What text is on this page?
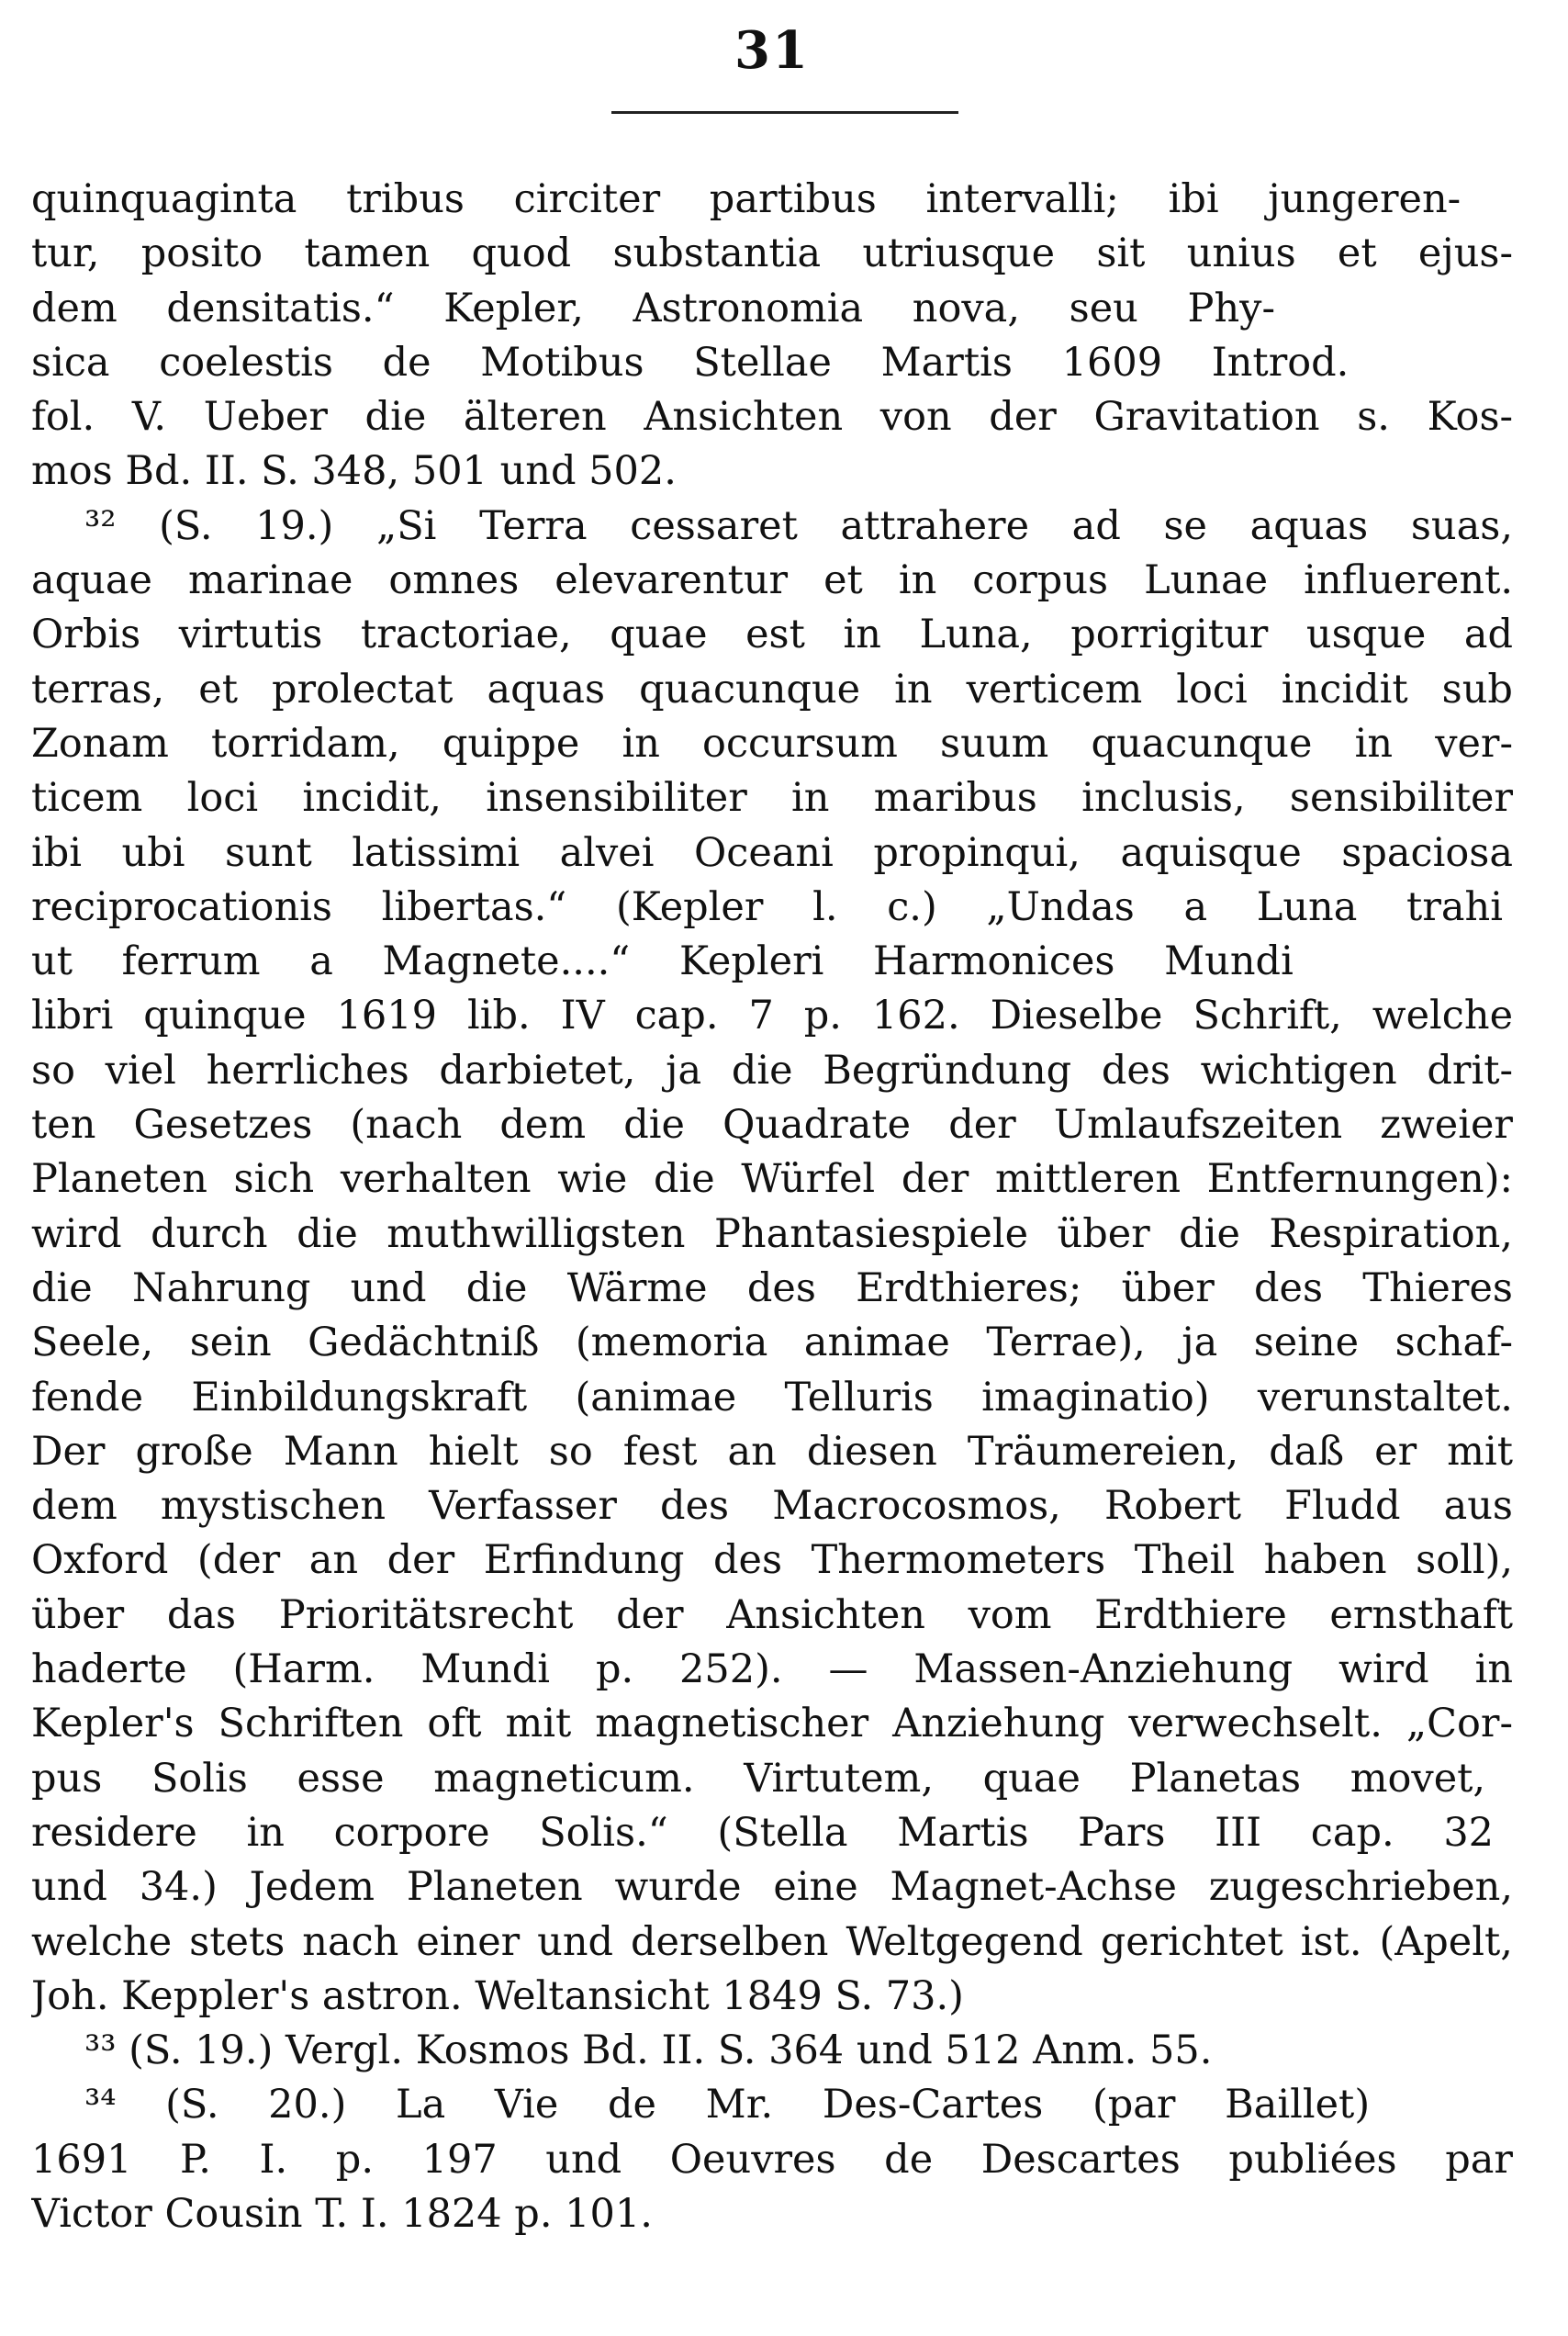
31
quinquaginta tribus circiter partibus intervalli; ibi jungeren-
tur, posito tamen quod substantia utriusque sit unius et ejus-
dem densitatis.“ Kepler, Astronomia nova, seu Phy-
sica coelestis de Motibus Stellae Martis 1609 Introd.
fol. V. Ueber die älteren Ansichten von der Gravitation s. Kos-
mos Bd. II. S. 348, 501 und 502.
³² (S. 19.) „Si Terra cessaret attrahere ad se aquas suas,
aquae marinae omnes elevarentur et in corpus Lunae influerent.
Orbis virtutis tractoriae, quae est in Luna, porrigitur usque ad
terras, et prolectat aquas quacunque in verticem loci incidit sub
Zonam torridam, quippe in occursum suum quacunque in ver-
ticem loci incidit, insensibiliter in maribus inclusis, sensibiliter
ibi ubi sunt latissimi alvei Oceani propinqui, aquisque spaciosa
reciprocationis libertas.“ (Kepler l. c.) „Undas a Luna trahi
ut ferrum a Magnete....“ Kepleri Harmonices Mundi
libri quinque 1619 lib. IV cap. 7 p. 162. Dieselbe Schrift, welche
so viel herrliches darbietet, ja die Begründung des wichtigen drit-
ten Gesetzes (nach dem die Quadrate der Umlaufszeiten zweier
Planeten sich verhalten wie die Würfel der mittleren Entfernungen):
wird durch die muthwilligsten Phantasiespiele über die Respiration,
die Nahrung und die Wärme des Erdthieres; über des Thieres
Seele, sein Gedächtniß (memoria animae Terrae), ja seine schaf-
fende Einbildungskraft (animae Telluris imaginatio) verunstaltet.
Der große Mann hielt so fest an diesen Träumereien, daß er mit
dem mystischen Verfasser des Macrocosmos, Robert Fludd aus
Oxford (der an der Erfindung des Thermometers Theil haben soll),
über das Prioritätsrecht der Ansichten vom Erdthiere ernsthaft
haderte (Harm. Mundi p. 252). — Massen-Anziehung wird in
Kepler's Schriften oft mit magnetischer Anziehung verwechselt. „Cor-
pus Solis esse magneticum. Virtutem, quae Planetas movet,
residere in corpore Solis.“ (Stella Martis Pars III cap. 32
und 34.) Jedem Planeten wurde eine Magnet-Achse zugeschrieben,
welche stets nach einer und derselben Weltgegend gerichtet ist. (Apelt,
Joh. Keppler's astron. Weltansicht 1849 S. 73.)
³³ (S. 19.) Vergl. Kosmos Bd. II. S. 364 und 512 Anm. 55.
³⁴ (S. 20.) La Vie de Mr. Des-Cartes (par Baillet)
1691 P. I. p. 197 und Oeuvres de Descartes publiées par
Victor Cousin T. I. 1824 p. 101.
